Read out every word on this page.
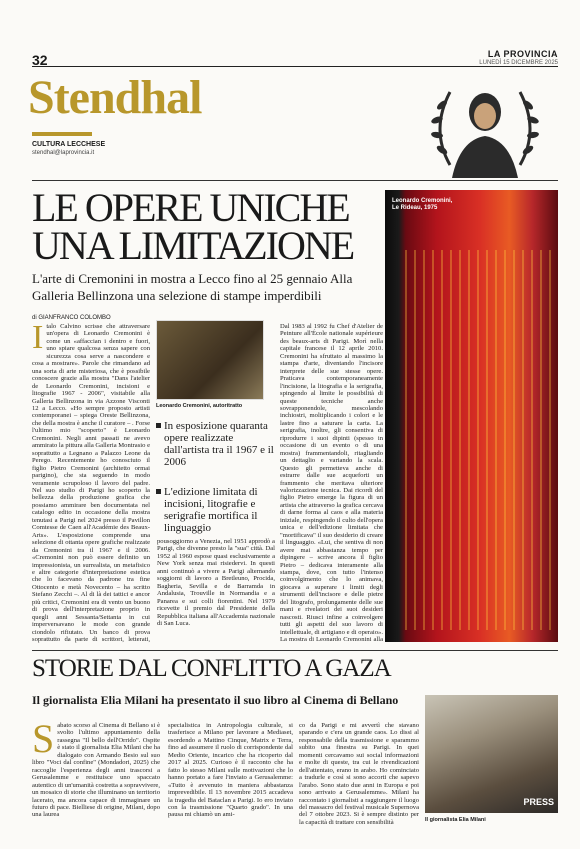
32	LA PROVINCIA
LUNEDÌ 15 DICEMBRE 2025
Stendhal
CULTURA LECCHESE
stendhal@laprovincia.it
LE OPERE UNICHE UNA LIMITAZIONE
L'arte di Cremonini in mostra a Lecco fino al 25 gennaio Alla Galleria Bellinzona una selezione di stampe imperdibili
di GIANFRANCO COLOMBO
I talo Calvino scrisse che attraversare un'opera di Leonardo Cremonini è come un «affaccian i dentro e fuori, uno spiare qualcosa senza sapere con sicurezza cosa serve a nascondere e cosa a mostrare». Parole che rimandano ad una sorta di arte misteriosa, che è possibile conoscere grazie alla mostra "Dans l'atelier de Leonardo Cremonini, incisioni e litografie 1967 - 2006", visitabile alla Galleria Bellinzona in via Azzone Visconti 12 a Lecco. «Ho sempre proposto artisti contemporanei – spiega Oreste Bellinzona, che della mostra è anche il curatore – . Forse l'ultimo mio "scoperto" è Leonardo Cremonini. Negli anni passati ne avevo ammirato la pittura alla Galleria Montrasio e soprattutto a Legnano a Palazzo Leone da Perego. Recentemente ho conosciuto il figlio Pietro Cremonini (architetto ormai parigino), che sta seguendo in modo veramente scrupoloso il lavoro del padre. Nel suo studio di Parigi ho scoperto la bellezza della produzione grafica che possiamo ammirare ben documentata nel catalogo edito in occasione della mostra tenutasi a Parigi nel 2024 presso il Pavillon Comtesse de Caen all'Académie des Beaux-Arts». L'esposizione comprende una selezione di ottanta opere grafiche realizzate da Cremonini tra il 1967 e il 2006. «Cremonini non può essere definito un impressionista, un surrealista, un metafisico e altre categorie d'interpretazione estetica che lo facevano da padrone tra fine Ottocento e metà Novecento – ha scritto Stefano Zecchi –. Al di là dei tattici e ancor più critici, Cremonini era di vento un buono di prova dell'interpretazione proprio in quegli anni Sessanta/Settanta in cui imperversavano le mode con grande ciondolo rifiutato. Un banco di prova soprattutto da parte di scrittori, letterati,
Leonardo Cremonini, autoritratto
In esposizione quaranta opere realizzate dall'artista tra il 1967 e il 2006
L'edizione limitata di incisioni, litografie e serigrafie mortifica il linguaggio
pousoggiorno a Venezia, nel 1951 approdò a Parigi, che divenne presto la "sua" città. Dal 1952 al 1960 espose quasi esclusivamente a New York senza mai risiedervi. In questi anni continuò a vivere a Parigi alternando soggiorni di lavoro a Bretleuno, Procida, Bagheria, Sevilla e de Barramda in Andalusia, Trouville in Normandia e a Panarea e sui colli fiorentini. Nel 1979 ricevette il premio dal Presidente della Repubblica italiana all'Accademia nazionale di San Luca.
Dal 1983 al 1992 fu Chef d'Atelier de Peinture all'École nationale supérieure des beaux-arts di Parigi. Morì nella capitale francese il 12 aprile 2010. Cremonini ha sfruttato al massimo la stampa d'arte, diventando l'incisore interprete delle sue stesse opere. Praticava contemporaneamente l'incisione, la litografia e la serigrafia, spingendo al limite le possibilità di queste tecniche anche sovrapponendole, mescolando inchiostri, moltiplicando i colori e le lastre fino a saturare la carta. La serigrafia, inoltre, gli consentiva di riprodurre i suoi dipinti (spesso in occasione di un evento o di una mostra) frammentandoli, ritagliando un dettaglio e variando la scala. Questo gli permetteva anche di estrarre dalle sue acqueforti un frammento che meritava ulteriore valorizzazione tecnica. Dai ricordi del figlio Pietro emerge la figura di un artista che attraverso la grafica cercava di darne forma al caos e alla materia iniziale, respingendo il culto dell'opera unica e dell'edizione limitata che "mortificava" il suo desiderio di creare il linguaggio. «Lui, che sentiva di non avere mai abbastanza tempo per dipingere – scrive ancora il figlio Pietro – dedicava interamente alla stampa, dove, con tutto l'intenso coinvolgimento che lo animava, giocava a superare i limiti degli strumenti dell'incisore e delle pietre del litografo, prolungamente delle sue mani e rivelatori dei suoi desideri nascosti. Riusci infine a coinvolgere tutti gli aspetti del suo lavoro di intellettuale, di artigiano e di operaio». La mostra di Leonardo Cremonini alla
Leonardo Cremonini,
Le Rideau, 1975
STORIE DAL CONFLITTO A GAZA
Il giornalista Elia Milani ha presentato il suo libro al Cinema di Bellano
S abato scorso al Cinema di Bellano si è svolto l'ultimo appuntamento della rassegna "Il bello dell'Orrido". Ospite è stato il giornalista Elia Milani che ha dialogato con Armando Besio sul suo libro "Voci dal confine" (Mondadori, 2025) che raccoglie l'esperienza degli anni trascorsi a Gerusalemme e restituisce uno spaccato autentico di un'umanità costretta a sopravvivere, un mosaico di storie che illuminano un territorio lacerato, ma ancora capace di immaginare un futuro di pace. Bielliese di origine, Milani, dopo una laurea
specialistica in Antropologia culturale, si trasferisce a Milano per lavorare a Mediaset, esordendo a Mattino Cinque, Matrix e Terra, fino ad assumere il ruolo di corrispondente dal Medio Oriente, incarico che ha ricoperto dal 2017 al 2025. Curioso è il racconto che ha fatto lo stesso Milani sulle motivazioni che lo hanno portato a fare l'inviato a Gerusalemme: «Tutto è avvenuto in maniera abbastanza imprevedibile. Il 13 novembre 2015 accadeva la tragedia del Bataclan a Parigi. Io ero inviato con la trasmissione "Quarto grado". In una pausa mi chiamò un ami-
co da Parigi e mi avvertì che stavano sparando e c'era un grande caos. Lo dissi al responsabile della trasmissione e sparammo subito una finestra su Parigi. In quei momenti cercavamo sui social informazioni e molte di queste, tra cui le rivendicazioni dell'attentato, erano in arabo. Ho cominciato a tradurle e così si sono accorti che sapevo l'arabo. Sono stato due anni in Europa e poi sono arrivato a Gerusalemme». Milani ha raccontato i giornalisti a raggiungere il luogo del massacro del festival musicale Supernova del 7 ottobre 2023. Si è sempre distinto per la capacità di trattare con sensibilità
PRESS
Il giornalista Elia Milani
